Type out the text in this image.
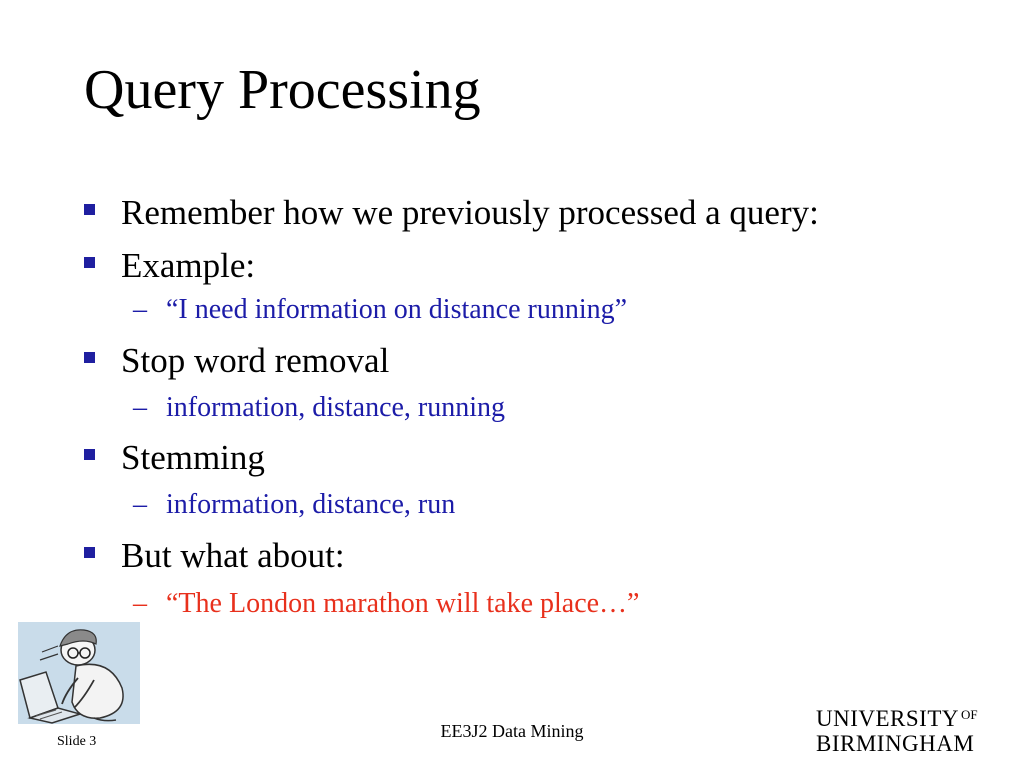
Query Processing
Remember how we previously processed a query:
Example:
– “I need information on distance running”
Stop word removal
– information, distance, running
Stemming
– information, distance, run
But what about:
– “The London marathon will take place…”
EE3J2 Data Mining
Slide 3
UNIVERSITY OF
BIRMINGHAM
